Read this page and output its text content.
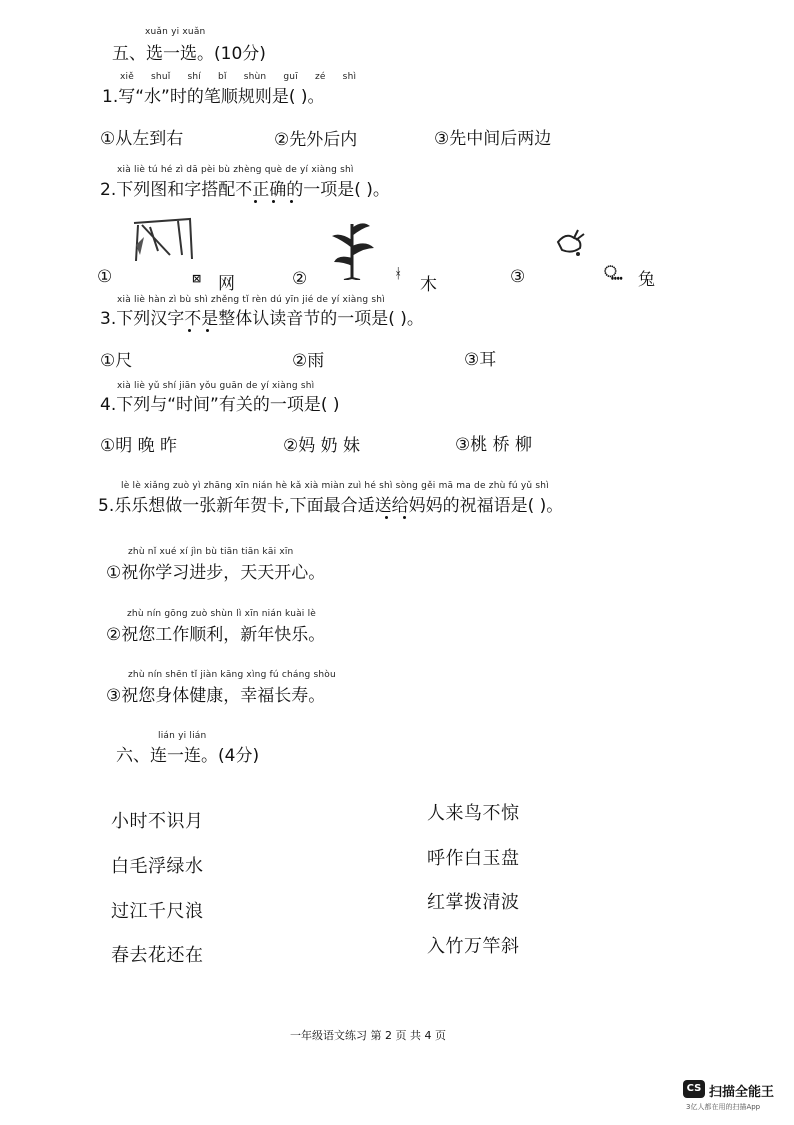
xuǎn yi xuǎn
五、选一选。(10分)
xiě shuǐ shí bǐ shùn guī zé shì
1.写“水”时的笔顺规则是( )。
①从左到右	②先外后内	③先中间后两边
xià liè tú hé zì dā pèi bù zhèng què de yí xiàng shì
2.下列图和字搭配不正确的一项是( )。
①	⊠ 网	②	ᚼ
木	③	⵿ 兔
xià liè hàn zì bù shì zhěng tǐ rèn dú yīn jié de yí xiàng shì
3.下列汉字不是整体认读音节的一项是( )。
①尺	②雨	③耳
xià liè yǔ shí jiān yǒu guān de yí xiàng shì
4.下列与“时间”有关的一项是( )
①明 晚 昨	②妈 奶 妹	③桃 桥 柳
lè lè xiǎng zuò yì zhāng xīn nián hè kǎ xià miàn zuì hé shì sòng gěi mā ma de zhù fú yǔ shì
5.乐乐想做一张新年贺卡,下面最合适送给妈妈的祝福语是( )。
zhù nǐ xué xí jìn bù tiān tiān kāi xīn
①祝你学习进步，天天开心。
zhù nín gōng zuò shùn lì xīn nián kuài lè
②祝您工作顺利，新年快乐。
zhù nín shēn tǐ jiàn kāng xìng fú cháng shòu
③祝您身体健康，幸福长寿。
lián yi lián
六、连一连。(4分)
小时不识月
白毛浮绿水
过江千尺浪
春去花还在
人来鸟不惊
呼作白玉盘
红掌拨清波
入竹万竿斜
一年级语文练习 第 2 页 共 4 页
CS 扫描全能王
3亿人都在用的扫描App
